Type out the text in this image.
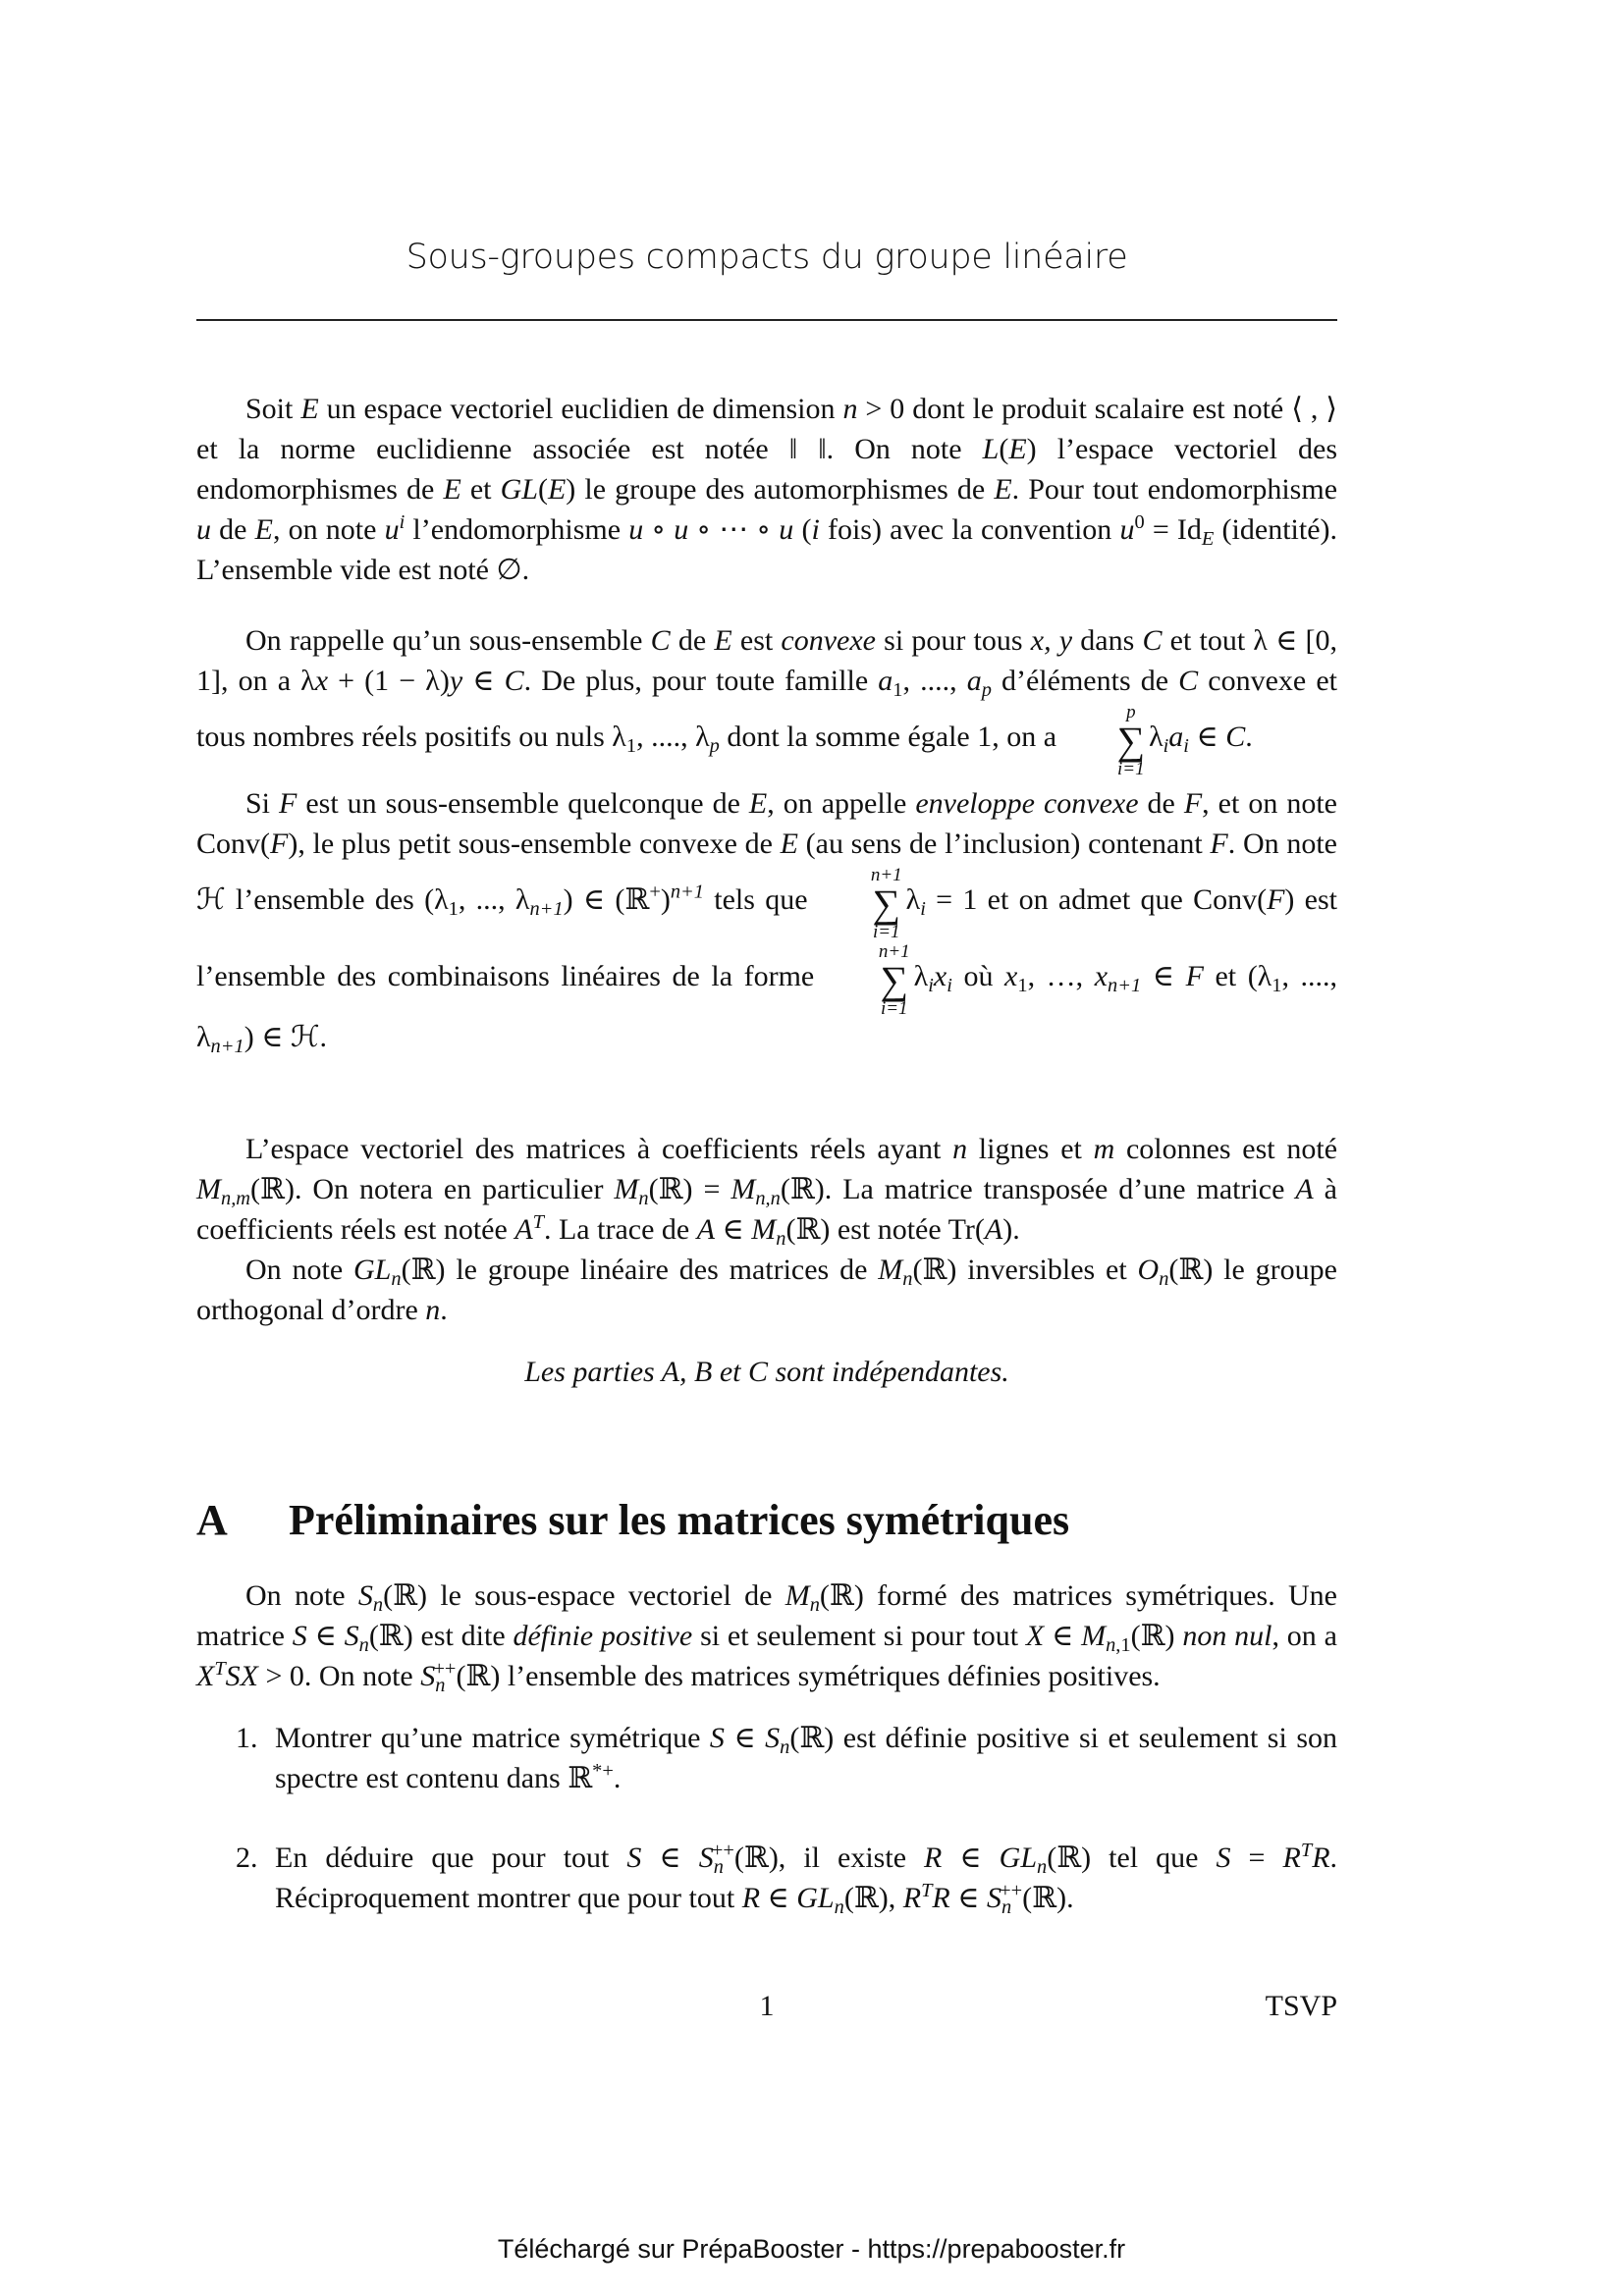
Sous-groupes compacts du groupe linéaire

Soit E un espace vectoriel euclidien de dimension n > 0 dont le produit scalaire est noté ⟨ , ⟩ et la norme euclidienne associée est notée ‖ ‖. On note L(E) l’espace vectoriel des endomorphismes de E et GL(E) le groupe des automorphismes de E. Pour tout endomorphisme u de E, on note $u^i$ l’endomorphisme u ∘ u ∘ ⋯ ∘ u (i fois) avec la convention $u^0 = Id_E$ (identité). L’ensemble vide est noté ∅.

On rappelle qu’un sous-ensemble C de E est convexe si pour tous x, y dans C et tout λ ∈ [0, 1], on a λx + (1 − λ)y ∈ C. De plus, pour toute famille $a_1$, ...., $a_p$ d’éléments de C convexe et tous nombres réels positifs ou nuls $\lambda_1$, ...., $\lambda_p$ dont la somme égale 1, on a
p
∑
i=1
$\lambda_ia_i$ ∈ C.

Si F est un sous-ensemble quelconque de E, on appelle enveloppe convexe de F, et on note Conv(F), le plus petit sous-ensemble convexe de E (au sens de l’inclusion) contenant F. On note ℋ l’ensemble des ($\lambda_1$, ..., $\lambda_{n+1}$) ∈ (ℝ+)$^{n+1}$ tels que
n+1
∑
i=1
$\lambda_i = 1$ et on admet que Conv(F) est l’ensemble des combinaisons linéaires de la forme
n+1
∑
i=1
$\lambda_ix_i$ où $x_1$, …, $x_{n+1}$ ∈ F et ($\lambda_1$, ...., $\lambda_{n+1}$) ∈ ℋ.

L’espace vectoriel des matrices à coefficients réels ayant n lignes et m colonnes est noté $M_{n,m}(ℝ)$. On notera en particulier $M_n(ℝ)$ = $M_{n,n}(ℝ)$. La matrice transposée d’une matrice A à coefficients réels est notée $A^T$. La trace de A ∈ $M_n(ℝ)$ est notée Tr(A).

On note $GL_n(ℝ)$ le groupe linéaire des matrices de $M_n(ℝ)$ inversibles et $O_n(ℝ)$ le groupe orthogonal d’ordre n.

Les parties A, B et C sont indépendantes.

A Préliminaires sur les matrices symétriques

On note $S_n(ℝ)$ le sous-espace vectoriel de $M_n(ℝ)$ formé des matrices symétriques. Une matrice S ∈ $S_n(ℝ)$ est dite définie positive si et seulement si pour tout X ∈ $M_{n,1}(ℝ)$ non nul, on a $X^TSX > 0$. On note $S_n^{++}(ℝ)$ l’ensemble des matrices symétriques définies positives.

1. Montrer qu’une matrice symétrique S ∈ $S_n(ℝ)$ est définie positive si et seulement si son spectre est contenu dans ℝ*+.
2. En déduire que pour tout S ∈ $S_n^{++}(ℝ)$, il existe R ∈ $GL_n(ℝ)$ tel que $S = R^TR$. Réciproquement montrer que pour tout R ∈ $GL_n(ℝ)$, $R^TR$ ∈ $S_n^{++}(ℝ)$.
1	TSVP
Téléchargé sur PrépaBooster - https://prepabooster.fr
